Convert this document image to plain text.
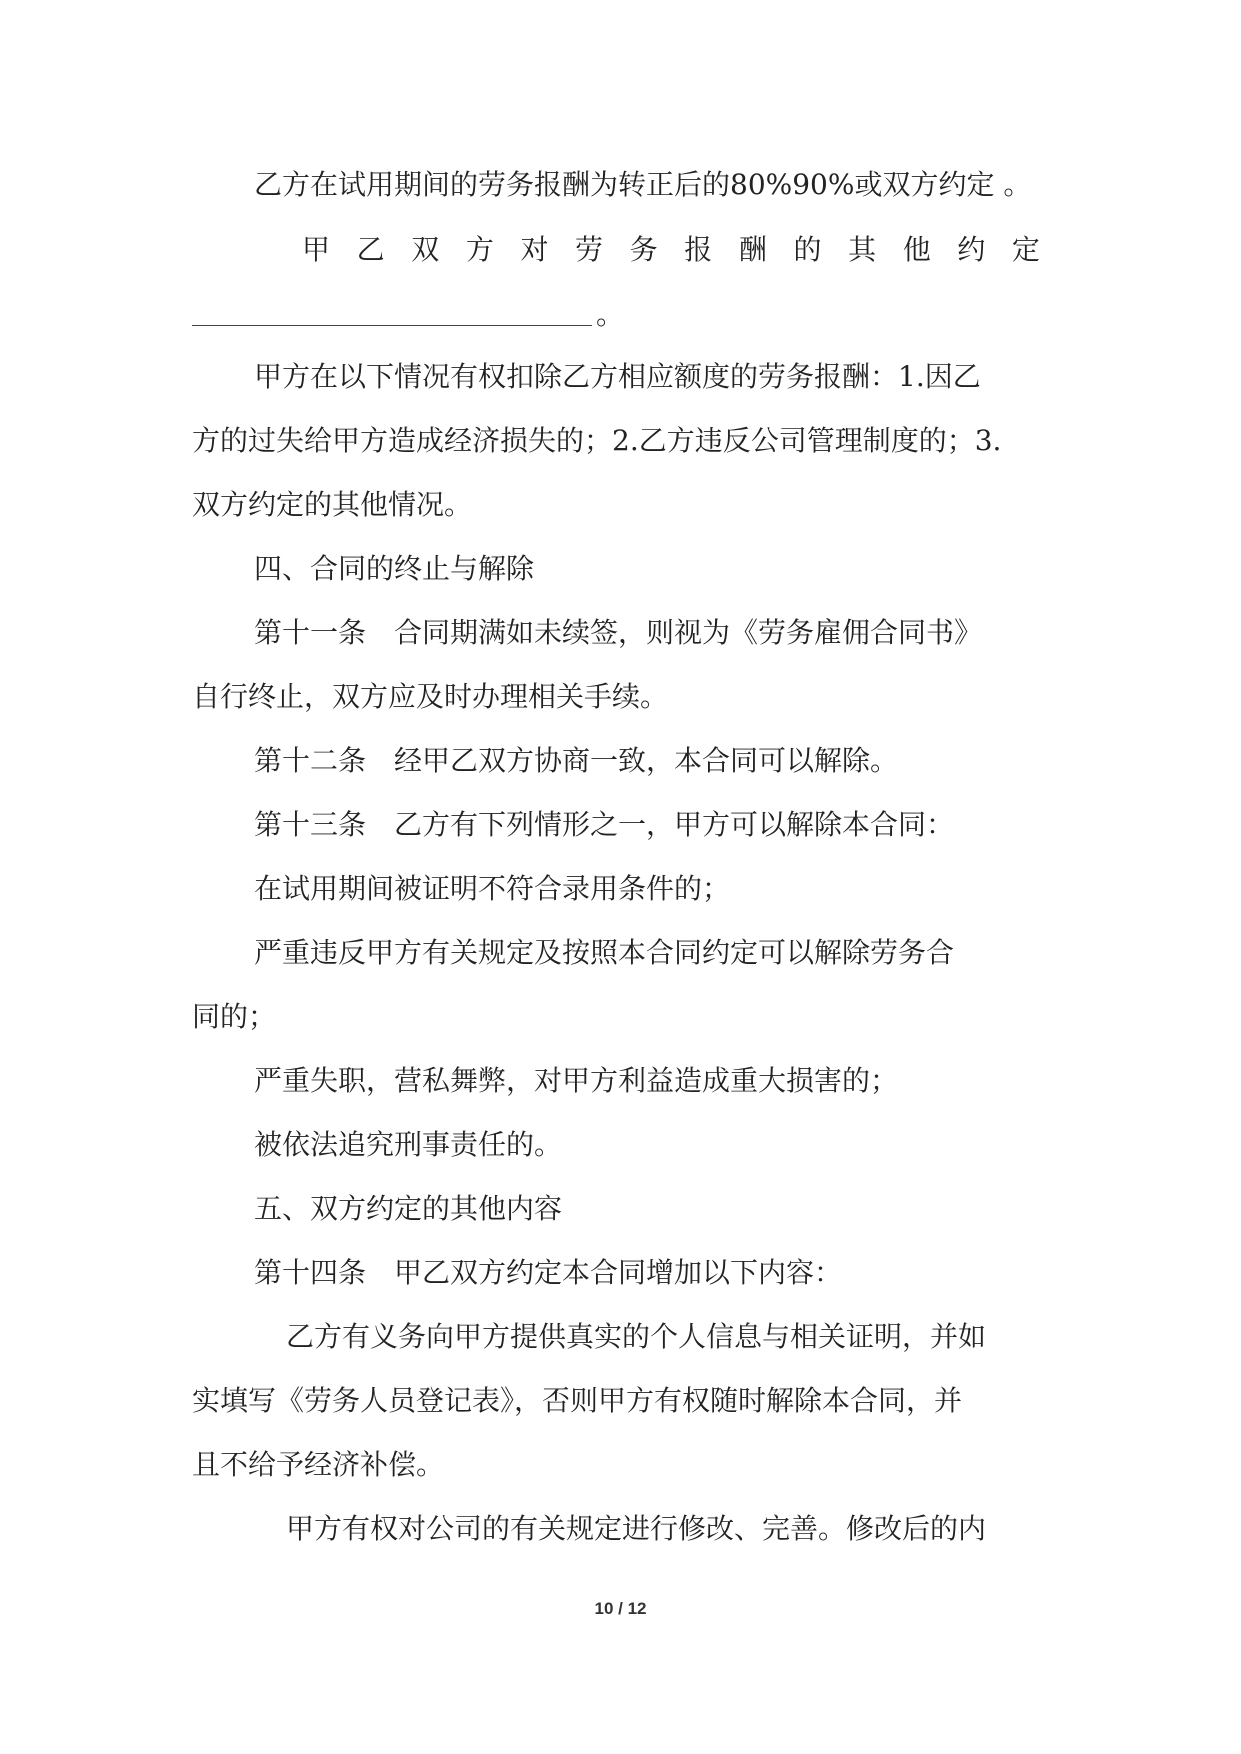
乙方在试用期间的劳务报酬为转正后的80%90%或双方约定 。

甲 乙 双 方 对 劳 务 报 酬 的 其 他 约 定

。

甲方在以下情况有权扣除乙方相应额度的劳务报酬：1.因乙

方的过失给甲方造成经济损失的；2.乙方违反公司管理制度的；3.

双方约定的其他情况。

四、合同的终止与解除

第十一条　合同期满如未续签，则视为《劳务雇佣合同书》

自行终止，双方应及时办理相关手续。

第十二条　经甲乙双方协商一致，本合同可以解除。

第十三条　乙方有下列情形之一，甲方可以解除本合同：

在试用期间被证明不符合录用条件的；

严重违反甲方有关规定及按照本合同约定可以解除劳务合

同的；

严重失职，营私舞弊，对甲方利益造成重大损害的；

被依法追究刑事责任的。

五、双方约定的其他内容

第十四条　甲乙双方约定本合同增加以下内容：

乙方有义务向甲方提供真实的个人信息与相关证明，并如

实填写《劳务人员登记表》，否则甲方有权随时解除本合同，并

且不给予经济补偿。

甲方有权对公司的有关规定进行修改、完善。修改后的内

10 / 12
